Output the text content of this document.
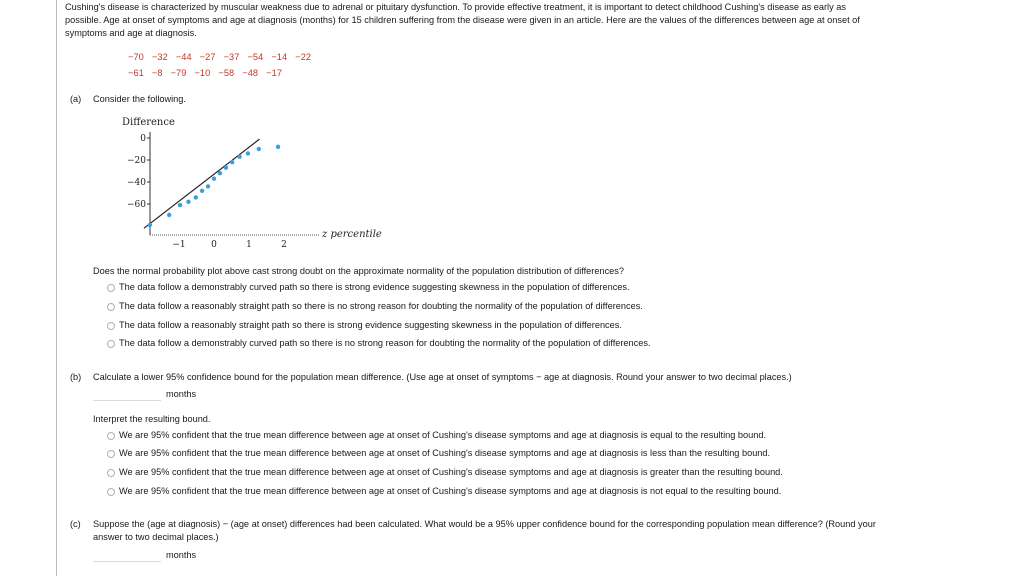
Cushing's disease is characterized by muscular weakness due to adrenal or pituitary dysfunction. To provide effective treatment, it is important to detect childhood Cushing's disease as early as
possible. Age at onset of symptoms and age at diagnosis (months) for 15 children suffering from the disease were given in an article. Here are the values of the differences between age at onset of
symptoms and age at diagnosis.
−70 −32 −44 −27 −37 −54 −14 −22
−61 −8 −79 −10 −58 −48 −17
(a) Consider the following.
Difference
0
−20
−40
−60
−1	0	1	2
z percentile
Does the normal probability plot above cast strong doubt on the approximate normality of the population distribution of differences?
The data follow a demonstrably curved path so there is strong evidence suggesting skewness in the population of differences.
The data follow a reasonably straight path so there is no strong reason for doubting the normality of the population of differences.
The data follow a reasonably straight path so there is strong evidence suggesting skewness in the population of differences.
The data follow a demonstrably curved path so there is no strong reason for doubting the normality of the population of differences.
(b) Calculate a lower 95% confidence bound for the population mean difference. (Use age at onset of symptoms − age at diagnosis. Round your answer to two decimal places.)
months
Interpret the resulting bound.
We are 95% confident that the true mean difference between age at onset of Cushing's disease symptoms and age at diagnosis is equal to the resulting bound.
We are 95% confident that the true mean difference between age at onset of Cushing's disease symptoms and age at diagnosis is less than the resulting bound.
We are 95% confident that the true mean difference between age at onset of Cushing's disease symptoms and age at diagnosis is greater than the resulting bound.
We are 95% confident that the true mean difference between age at onset of Cushing's disease symptoms and age at diagnosis is not equal to the resulting bound.
(c) Suppose the (age at diagnosis) − (age at onset) differences had been calculated. What would be a 95% upper confidence bound for the corresponding population mean difference? (Round your
answer to two decimal places.)
months
